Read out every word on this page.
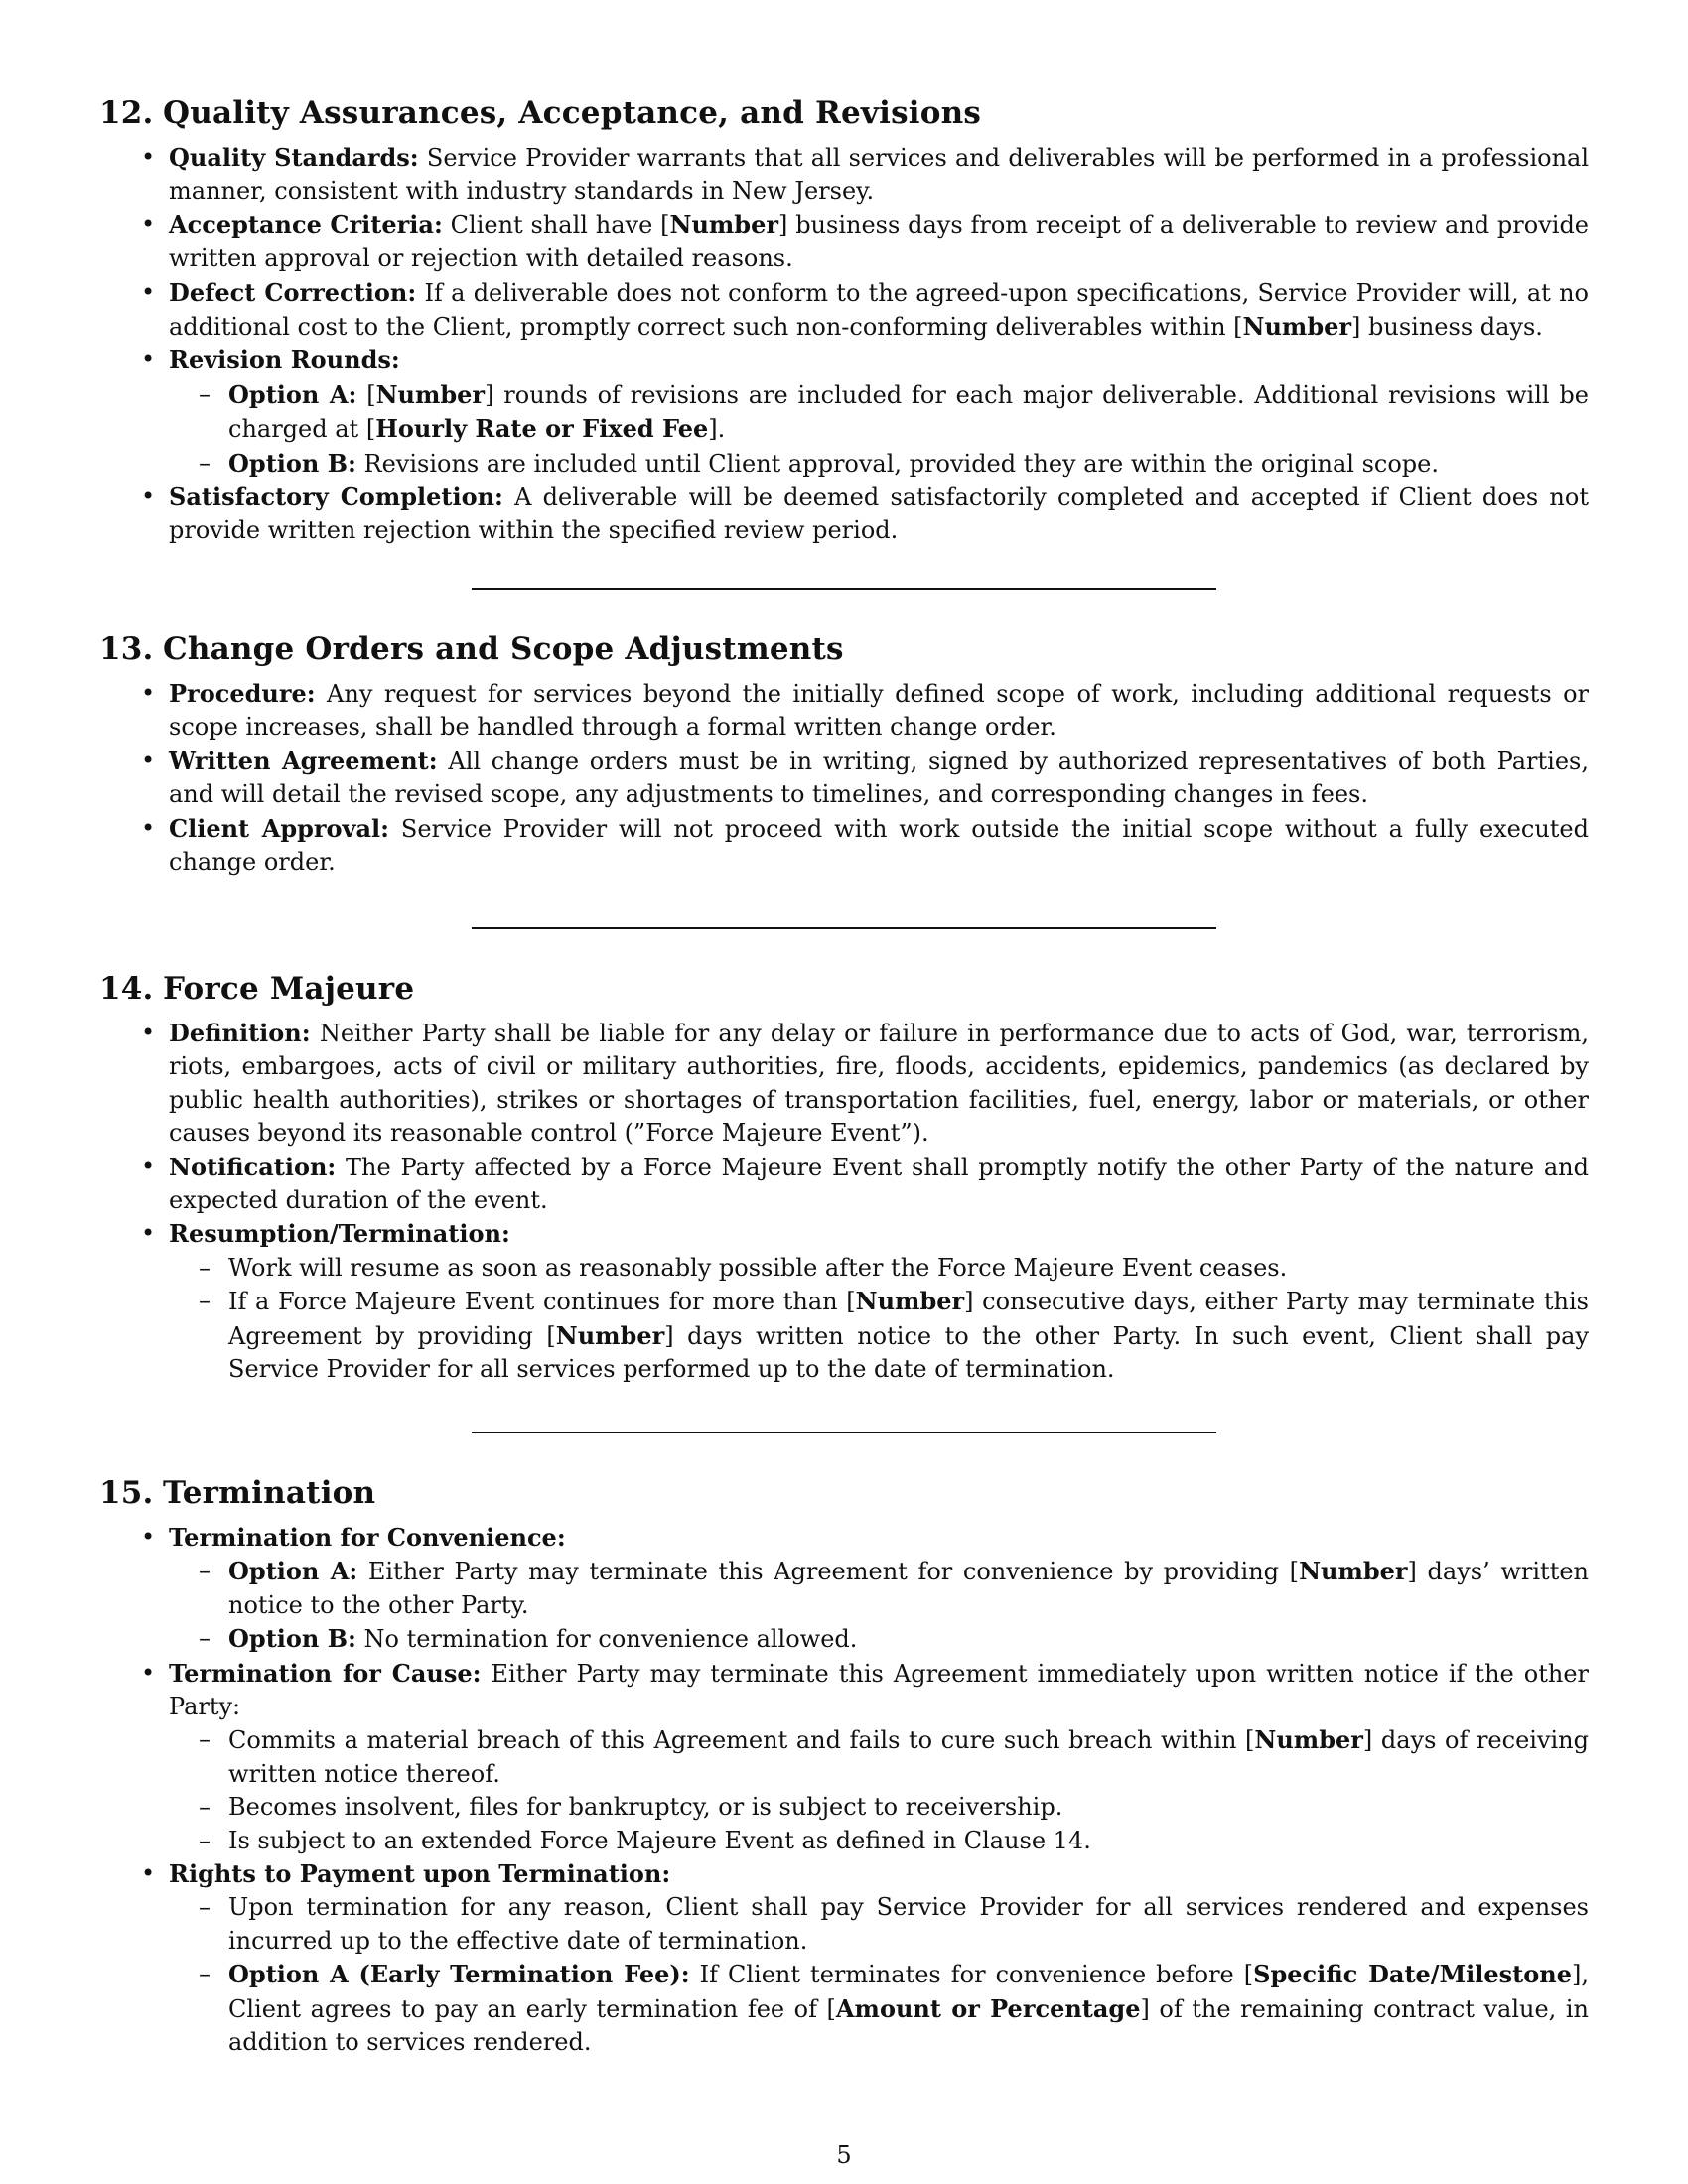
12. Quality Assurances, Acceptance, and Revisions
• Quality Standards: Service Provider warrants that all services and deliverables will be performed in a professional manner, consistent with industry standards in New Jersey.
• Acceptance Criteria: Client shall have [Number] business days from receipt of a deliverable to review and provide written approval or rejection with detailed reasons.
• Defect Correction: If a deliverable does not conform to the agreed-upon specifications, Service Provider will, at no additional cost to the Client, promptly correct such non-conforming deliverables within [Number] business days.
• Revision Rounds:
– Option A: [Number] rounds of revisions are included for each major deliverable. Additional revisions will be charged at [Hourly Rate or Fixed Fee].
– Option B: Revisions are included until Client approval, provided they are within the original scope.
• Satisfactory Completion: A deliverable will be deemed satisfactorily completed and accepted if Client does not provide written rejection within the specified review period.
13. Change Orders and Scope Adjustments
• Procedure: Any request for services beyond the initially defined scope of work, including additional requests or scope increases, shall be handled through a formal written change order.
• Written Agreement: All change orders must be in writing, signed by authorized representatives of both Parties, and will detail the revised scope, any adjustments to timelines, and corresponding changes in fees.
• Client Approval: Service Provider will not proceed with work outside the initial scope without a fully executed change order.
14. Force Majeure
• Definition: Neither Party shall be liable for any delay or failure in performance due to acts of God, war, terrorism, riots, embargoes, acts of civil or military authorities, fire, floods, accidents, epidemics, pandemics (as declared by public health authorities), strikes or shortages of transportation facilities, fuel, energy, labor or materials, or other causes beyond its reasonable control (”Force Majeure Event”).
• Notification: The Party affected by a Force Majeure Event shall promptly notify the other Party of the nature and expected duration of the event.
• Resumption/Termination:
– Work will resume as soon as reasonably possible after the Force Majeure Event ceases.
– If a Force Majeure Event continues for more than [Number] consecutive days, either Party may terminate this Agreement by providing [Number] days written notice to the other Party. In such event, Client shall pay Service Provider for all services performed up to the date of termination.
15. Termination
• Termination for Convenience:
– Option A: Either Party may terminate this Agreement for convenience by providing [Number] days’ written notice to the other Party.
– Option B: No termination for convenience allowed.
• Termination for Cause: Either Party may terminate this Agreement immediately upon written notice if the other Party:
– Commits a material breach of this Agreement and fails to cure such breach within [Number] days of receiving written notice thereof.
– Becomes insolvent, files for bankruptcy, or is subject to receivership.
– Is subject to an extended Force Majeure Event as defined in Clause 14.
• Rights to Payment upon Termination:
– Upon termination for any reason, Client shall pay Service Provider for all services rendered and expenses incurred up to the effective date of termination.
– Option A (Early Termination Fee): If Client terminates for convenience before [Specific Date/Milestone], Client agrees to pay an early termination fee of [Amount or Percentage] of the remaining contract value, in addition to services rendered.
5
